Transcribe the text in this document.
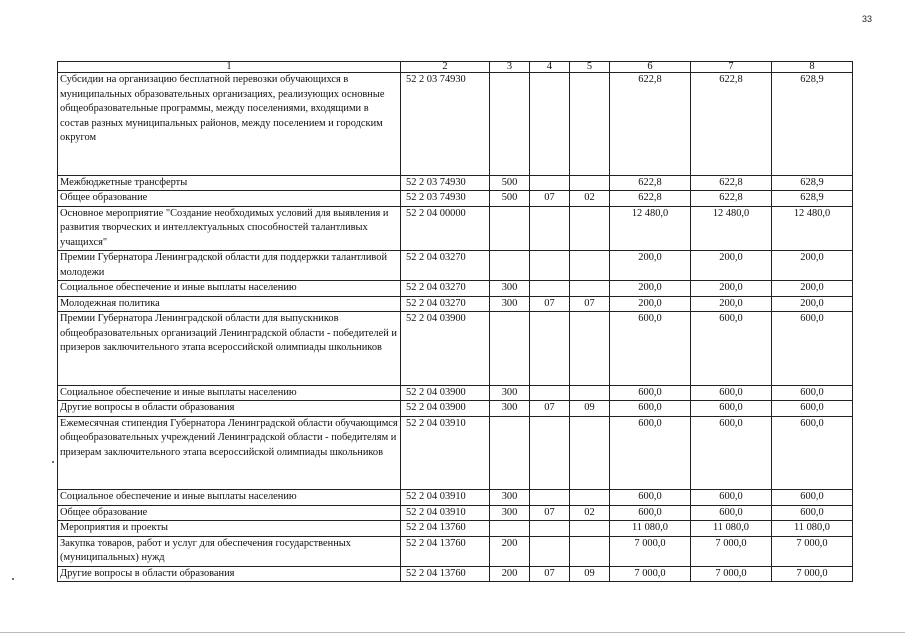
33
1	2	3	4	5	6	7	8
Субсидии на организацию бесплатной перевозки обучающихся в муниципальных образовательных организациях, реализующих основные общеобразовательные программы, между поселениями, входящими в состав разных муниципальных районов, между поселением и городским округом	52 2 03 74930				622,8	622,8	628,9
Межбюджетные трансферты	52 2 03 74930	500			622,8	622,8	628,9
Общее образование	52 2 03 74930	500	07	02	622,8	622,8	628,9
Основное мероприятие "Создание необходимых условий для выявления и развития творческих и интеллектуальных способностей талантливых учащихся"	52 2 04 00000				12 480,0	12 480,0	12 480,0
Премии Губернатора Ленинградской области для поддержки талантливой молодежи	52 2 04 03270				200,0	200,0	200,0
Социальное обеспечение и иные выплаты населению	52 2 04 03270	300			200,0	200,0	200,0
Молодежная политика	52 2 04 03270	300	07	07	200,0	200,0	200,0
Премии Губернатора Ленинградской области для выпускников общеобразовательных организаций Ленинградской области - победителей и призеров заключительного этапа всероссийской олимпиады школьников	52 2 04 03900				600,0	600,0	600,0
Социальное обеспечение и иные выплаты населению	52 2 04 03900	300			600,0	600,0	600,0
Другие вопросы в области образования	52 2 04 03900	300	07	09	600,0	600,0	600,0
Ежемесячная стипендия Губернатора Ленинградской области обучающимся общеобразовательных учреждений Ленинградской области - победителям и призерам заключительного этапа всероссийской олимпиады школьников	52 2 04 03910				600,0	600,0	600,0
Социальное обеспечение и иные выплаты населению	52 2 04 03910	300			600,0	600,0	600,0
Общее образование	52 2 04 03910	300	07	02	600,0	600,0	600,0
Мероприятия и проекты	52 2 04 13760				11 080,0	11 080,0	11 080,0
Закупка товаров, работ и услуг для обеспечения государственных (муниципальных) нужд	52 2 04 13760	200			7 000,0	7 000,0	7 000,0
Другие вопросы в области образования	52 2 04 13760	200	07	09	7 000,0	7 000,0	7 000,0
